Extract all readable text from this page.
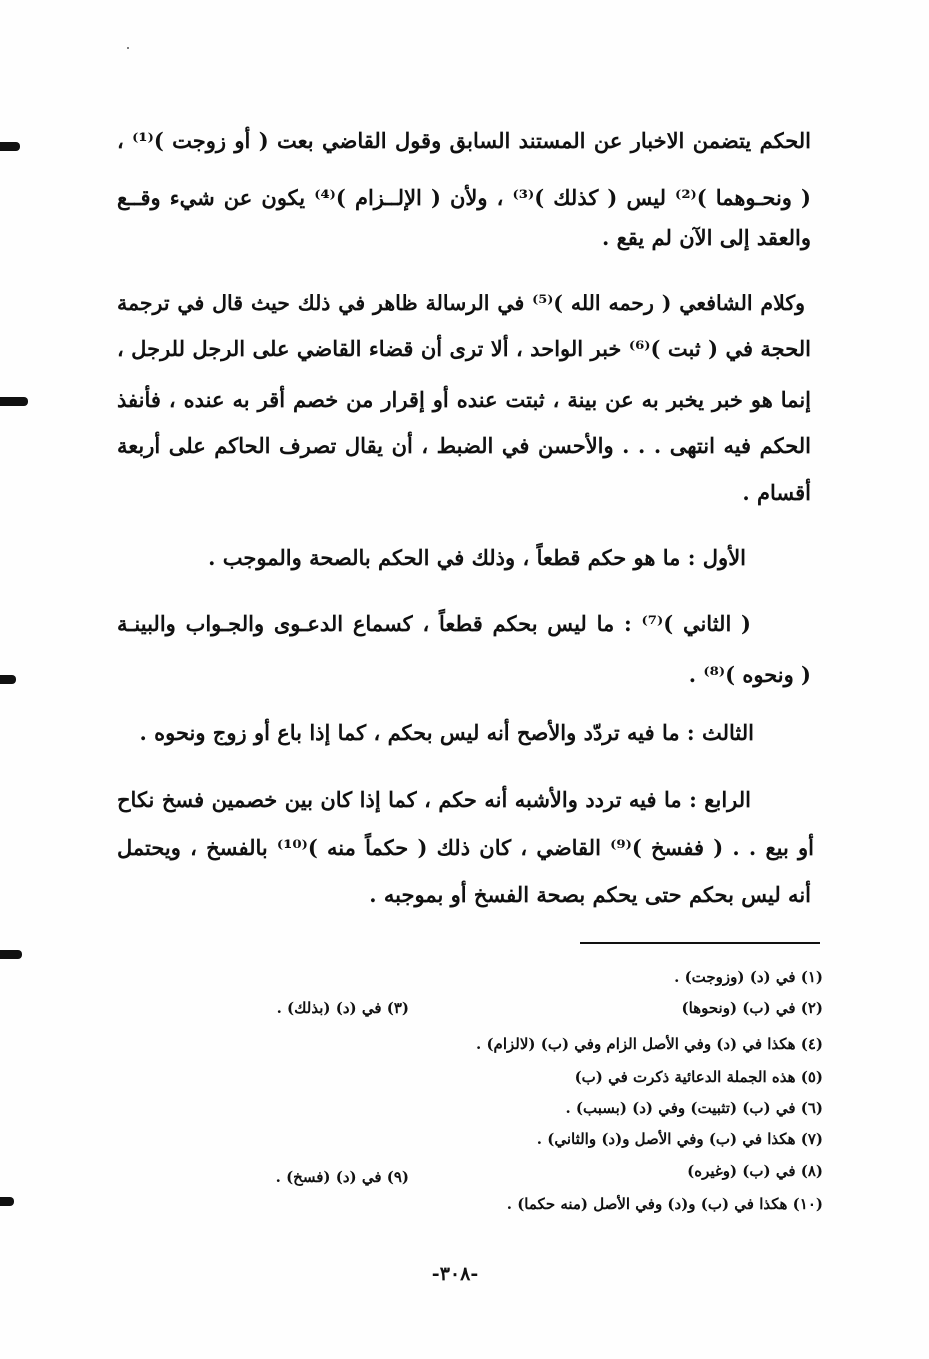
الحكم يتضمن الاخبار عن المستند السابق وقول القاضي بعت ( أو زوجت )⁽¹⁾ ،
( ونحـوهما )⁽²⁾ ليس ( كذلك )⁽³⁾ ، ولأن ( الإلــزام )⁽⁴⁾ يكون عن شيء وقــع
والعقد إلى الآن لم يقع .
وكلام الشافعي ( رحمه الله )⁽⁵⁾ في الرسالة ظاهر في ذلك حيث قال في ترجمة
الحجة في ( ثبت )⁽⁶⁾ خبر الواحد ، ألا ترى أن قضاء القاضي على الرجل للرجل ،
إنما هو خبر يخبر به عن بينة ، ثبتت عنده أو إقرار من خصم أقر به عنده ، فأنفذ
الحكم فيه انتهى . . . والأحسن في الضبط ، أن يقال تصرف الحاكم على أربعة
أقسام .
الأول : ما هو حكم قطعاً ، وذلك في الحكم بالصحة والموجب .
( الثاني )⁽⁷⁾ : ما ليس بحكم قطعاً ، كسماع الدعـوى والجـواب والبينـة
( ونحوه )⁽⁸⁾ .
الثالث : ما فيه تردّد والأصح أنه ليس بحكم ، كما إذا باع أو زوج ونحوه .
الرابع : ما فيه تردد والأشبه أنه حكم ، كما إذا كان بين خصمين فسخ نكاح
أو بيع . . ( ففسخ )⁽⁹⁾ القاضي ، كان ذلك ( حكماً منه )⁽¹⁰⁾ بالفسخ ، ويحتمل
أنه ليس بحكم حتى يحكم بصحة الفسخ أو بموجبه .
(١) في (د) (وزوجت) .
(٢) في (ب) (ونحوها)
(٣) في (د) (بذلك) .
(٤) هكذا في (د) وفي الأصل الزام وفي (ب) (لالزام) .
(٥) هذه الجملة الدعائية ذكرت في (ب)
(٦) في (ب) (تثبيت) وفي (د) (بسبب) .
(٧) هكذا في (ب) وفي الأصل و(د) والثاني) .
(٨) في (ب) (وغيره)
(٩) في (د) (فسخ) .
(١٠) هكذا في (ب) و(د) وفي الأصل (منه حكما) .
-٣٠٨-
